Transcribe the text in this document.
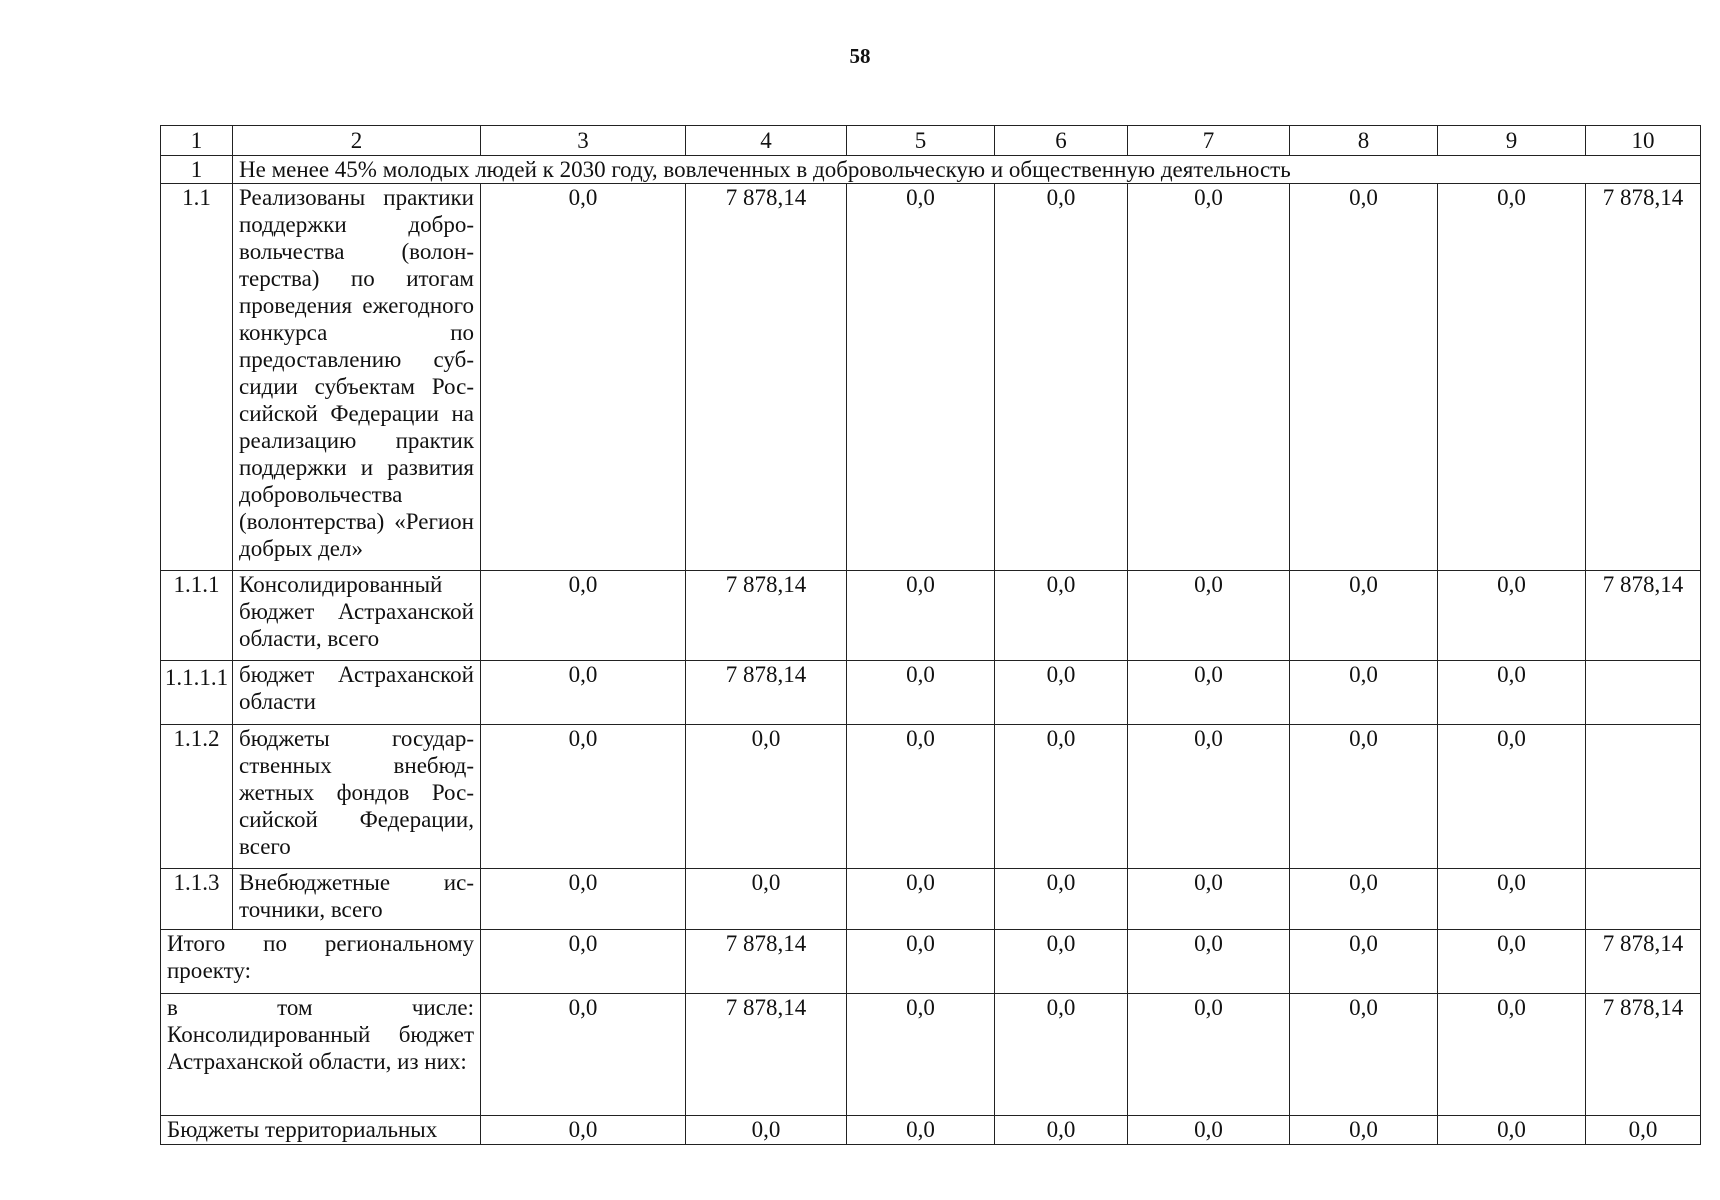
58
1	2	3	4	5	6	7	8	9	10
1	Не менее 45% молодых людей к 2030 году, вовлеченных в добровольческую и общественную деятельность								
1.1	Реализованы практики поддержки добровольчества (волонтерства) по итогам проведения ежегодного конкурса по предоставлению субсидии субъектам Российской Федерации на реализацию практик поддержки и развития добровольчества (волонтерства) «Регион добрых дел»	0,0	7 878,14	0,0	0,0	0,0	0,0	0,0	7 878,14
1.1.1	Консолидированный бюджет Астраханской области, всего	0,0	7 878,14	0,0	0,0	0,0	0,0	0,0	7 878,14
1.1.1.1	бюджет Астраханской области	0,0	7 878,14	0,0	0,0	0,0	0,0	0,0	
1.1.2	бюджеты государственных внебюджетных фондов Российской Федерации, всего	0,0	0,0	0,0	0,0	0,0	0,0	0,0	
1.1.3	Внебюджетные источники, всего	0,0	0,0	0,0	0,0	0,0	0,0	0,0	
Итого по региональному проекту:		0,0	7 878,14	0,0	0,0	0,0	0,0	0,0	7 878,14
в том числе: Консолидированный бюджет Астраханской области, из них:		0,0	7 878,14	0,0	0,0	0,0	0,0	0,0	7 878,14
Бюджеты территориальных		0,0	0,0	0,0	0,0	0,0	0,0	0,0	0,0
